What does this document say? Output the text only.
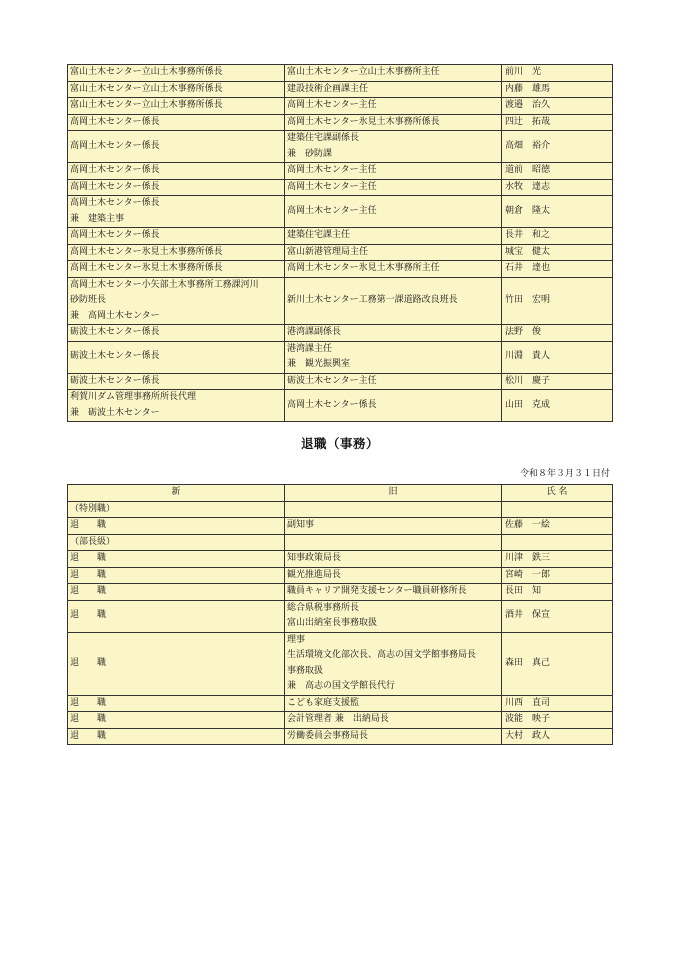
富山土木センター立山土木事務所係長	富山土木センター立山土木事務所主任	前川　光

富山土木センター立山土木事務所係長	建設技術企画課主任	内藤　雄馬

富山土木センター立山土木事務所係長	高岡土木センター主任	渡邉　治久

高岡土木センター係長	高岡土木センター氷見土木事務所係長	四辻　拓哉

高岡土木センター係長	建築住宅課副係長
兼　砂防課	高畑　裕介

高岡土木センター係長	高岡土木センター主任	道前　昭徳

高岡土木センター係長	高岡土木センター主任	水牧　達志

高岡土木センター係長
兼　建築主事	高岡土木センター主任	朝倉　隆太

高岡土木センター係長	建築住宅課主任	長井　和之

高岡土木センター氷見土木事務所係長	富山新港管理局主任	城宝　健太

高岡土木センター氷見土木事務所係長	高岡土木センター氷見土木事務所主任	石井　達也

高岡土木センター小矢部土木事務所工務課河川
砂防班長
兼　高岡土木センター	新川土木センター工務第一課道路改良班長	竹田　宏明

砺波土木センター係長	港湾課副係長	法野　俊

砺波土木センター係長	港湾課主任
兼　観光振興室	川淵　貴人

砺波土木センター係長	砺波土木センター主任	松川　慶子

利賀川ダム管理事務所所長代理
兼　砺波土木センター	高岡土木センター係長	山田　克成
退職（事務）
令和８年３月３１日付
新	旧	氏 名

（特別職）

退　　職	副知事	佐藤　一絵

（部長級）

退　　職	知事政策局長	川津　鉄三

退　　職	観光推進局長	宮崎　一郎

退　　職	職員キャリア開発支援センター職員研修所長	長田　知

退　　職	総合県税事務所長
富山出納室長事務取扱	酒井　保宣

退　　職	理事
生活環境文化部次長、高志の国文学館事務局長
事務取扱
兼　高志の国文学館長代行	森田　真己

退　　職	こども家庭支援監	川西　直司

退　　職	会計管理者 兼　出納局長	波能　映子

退　　職	労働委員会事務局長	大村　政人
